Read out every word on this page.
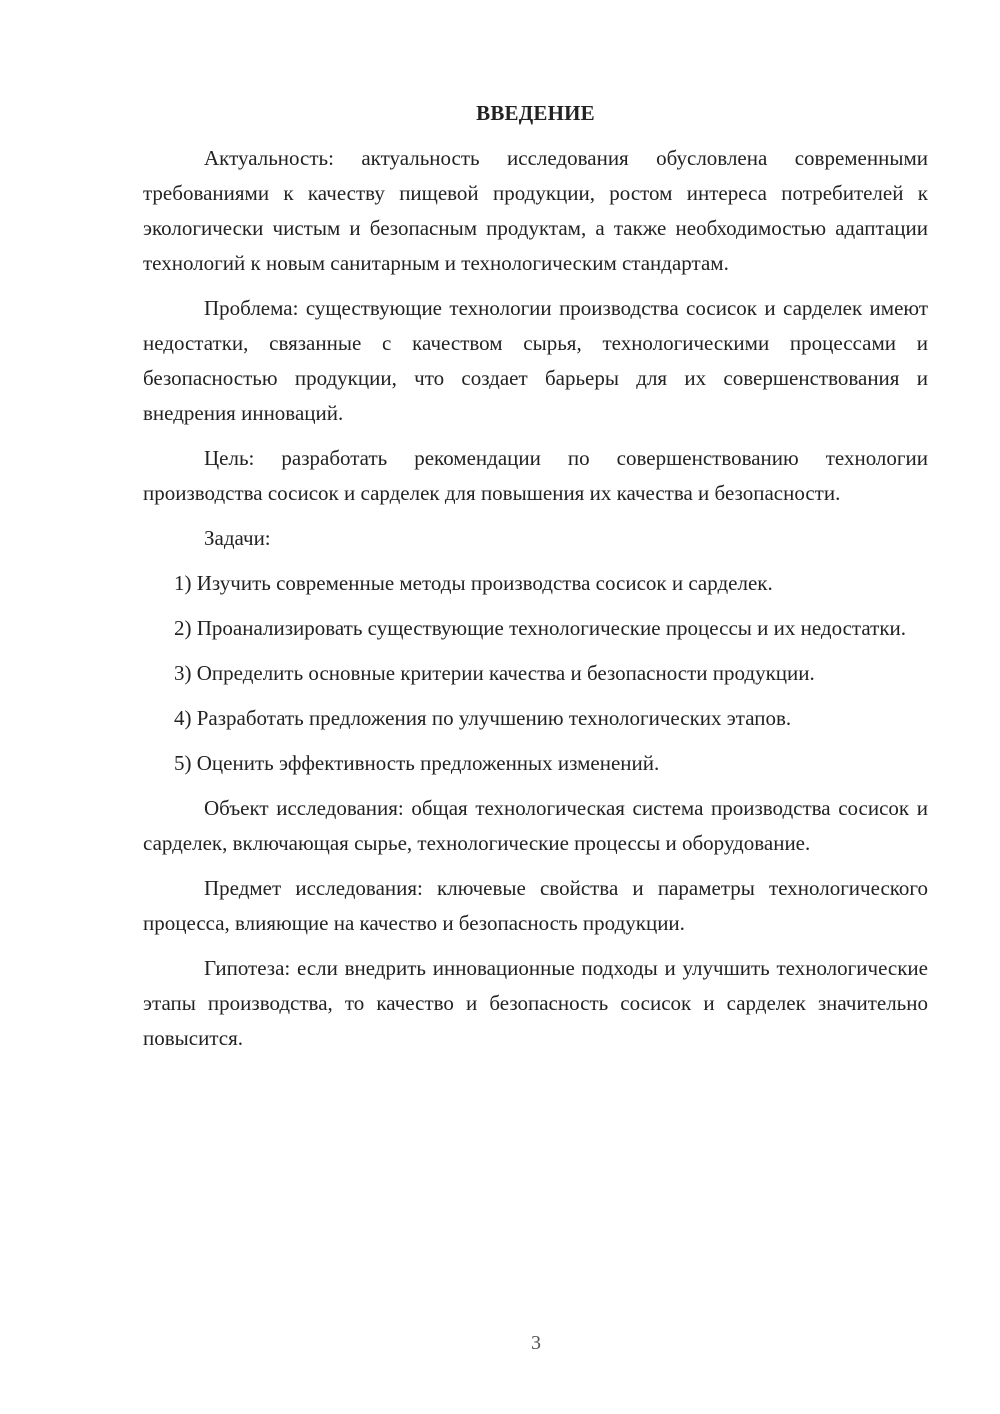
ВВЕДЕНИЕ

Актуальность: актуальность исследования обусловлена современными требованиями к качеству пищевой продукции, ростом интереса потребителей к экологически чистым и безопасным продуктам, а также необходимостью адаптации технологий к новым санитарным и технологическим стандартам.

Проблема: существующие технологии производства сосисок и сарделек имеют недостатки, связанные с качеством сырья, технологическими процессами и безопасностью продукции, что создает барьеры для их совершенствования и внедрения инноваций.

Цель: разработать рекомендации по совершенствованию технологии производства сосисок и сарделек для повышения их качества и безопасности.

Задачи:

1) Изучить современные методы производства сосисок и сарделек.

2) Проанализировать существующие технологические процессы и их недостатки.

3) Определить основные критерии качества и безопасности продукции.

4) Разработать предложения по улучшению технологических этапов.

5) Оценить эффективность предложенных изменений.

Объект исследования: общая технологическая система производства сосисок и сарделек, включающая сырье, технологические процессы и оборудование.

Предмет исследования: ключевые свойства и параметры технологического процесса, влияющие на качество и безопасность продукции.

Гипотеза: если внедрить инновационные подходы и улучшить технологические этапы производства, то качество и безопасность сосисок и сарделек значительно повысится.

3
